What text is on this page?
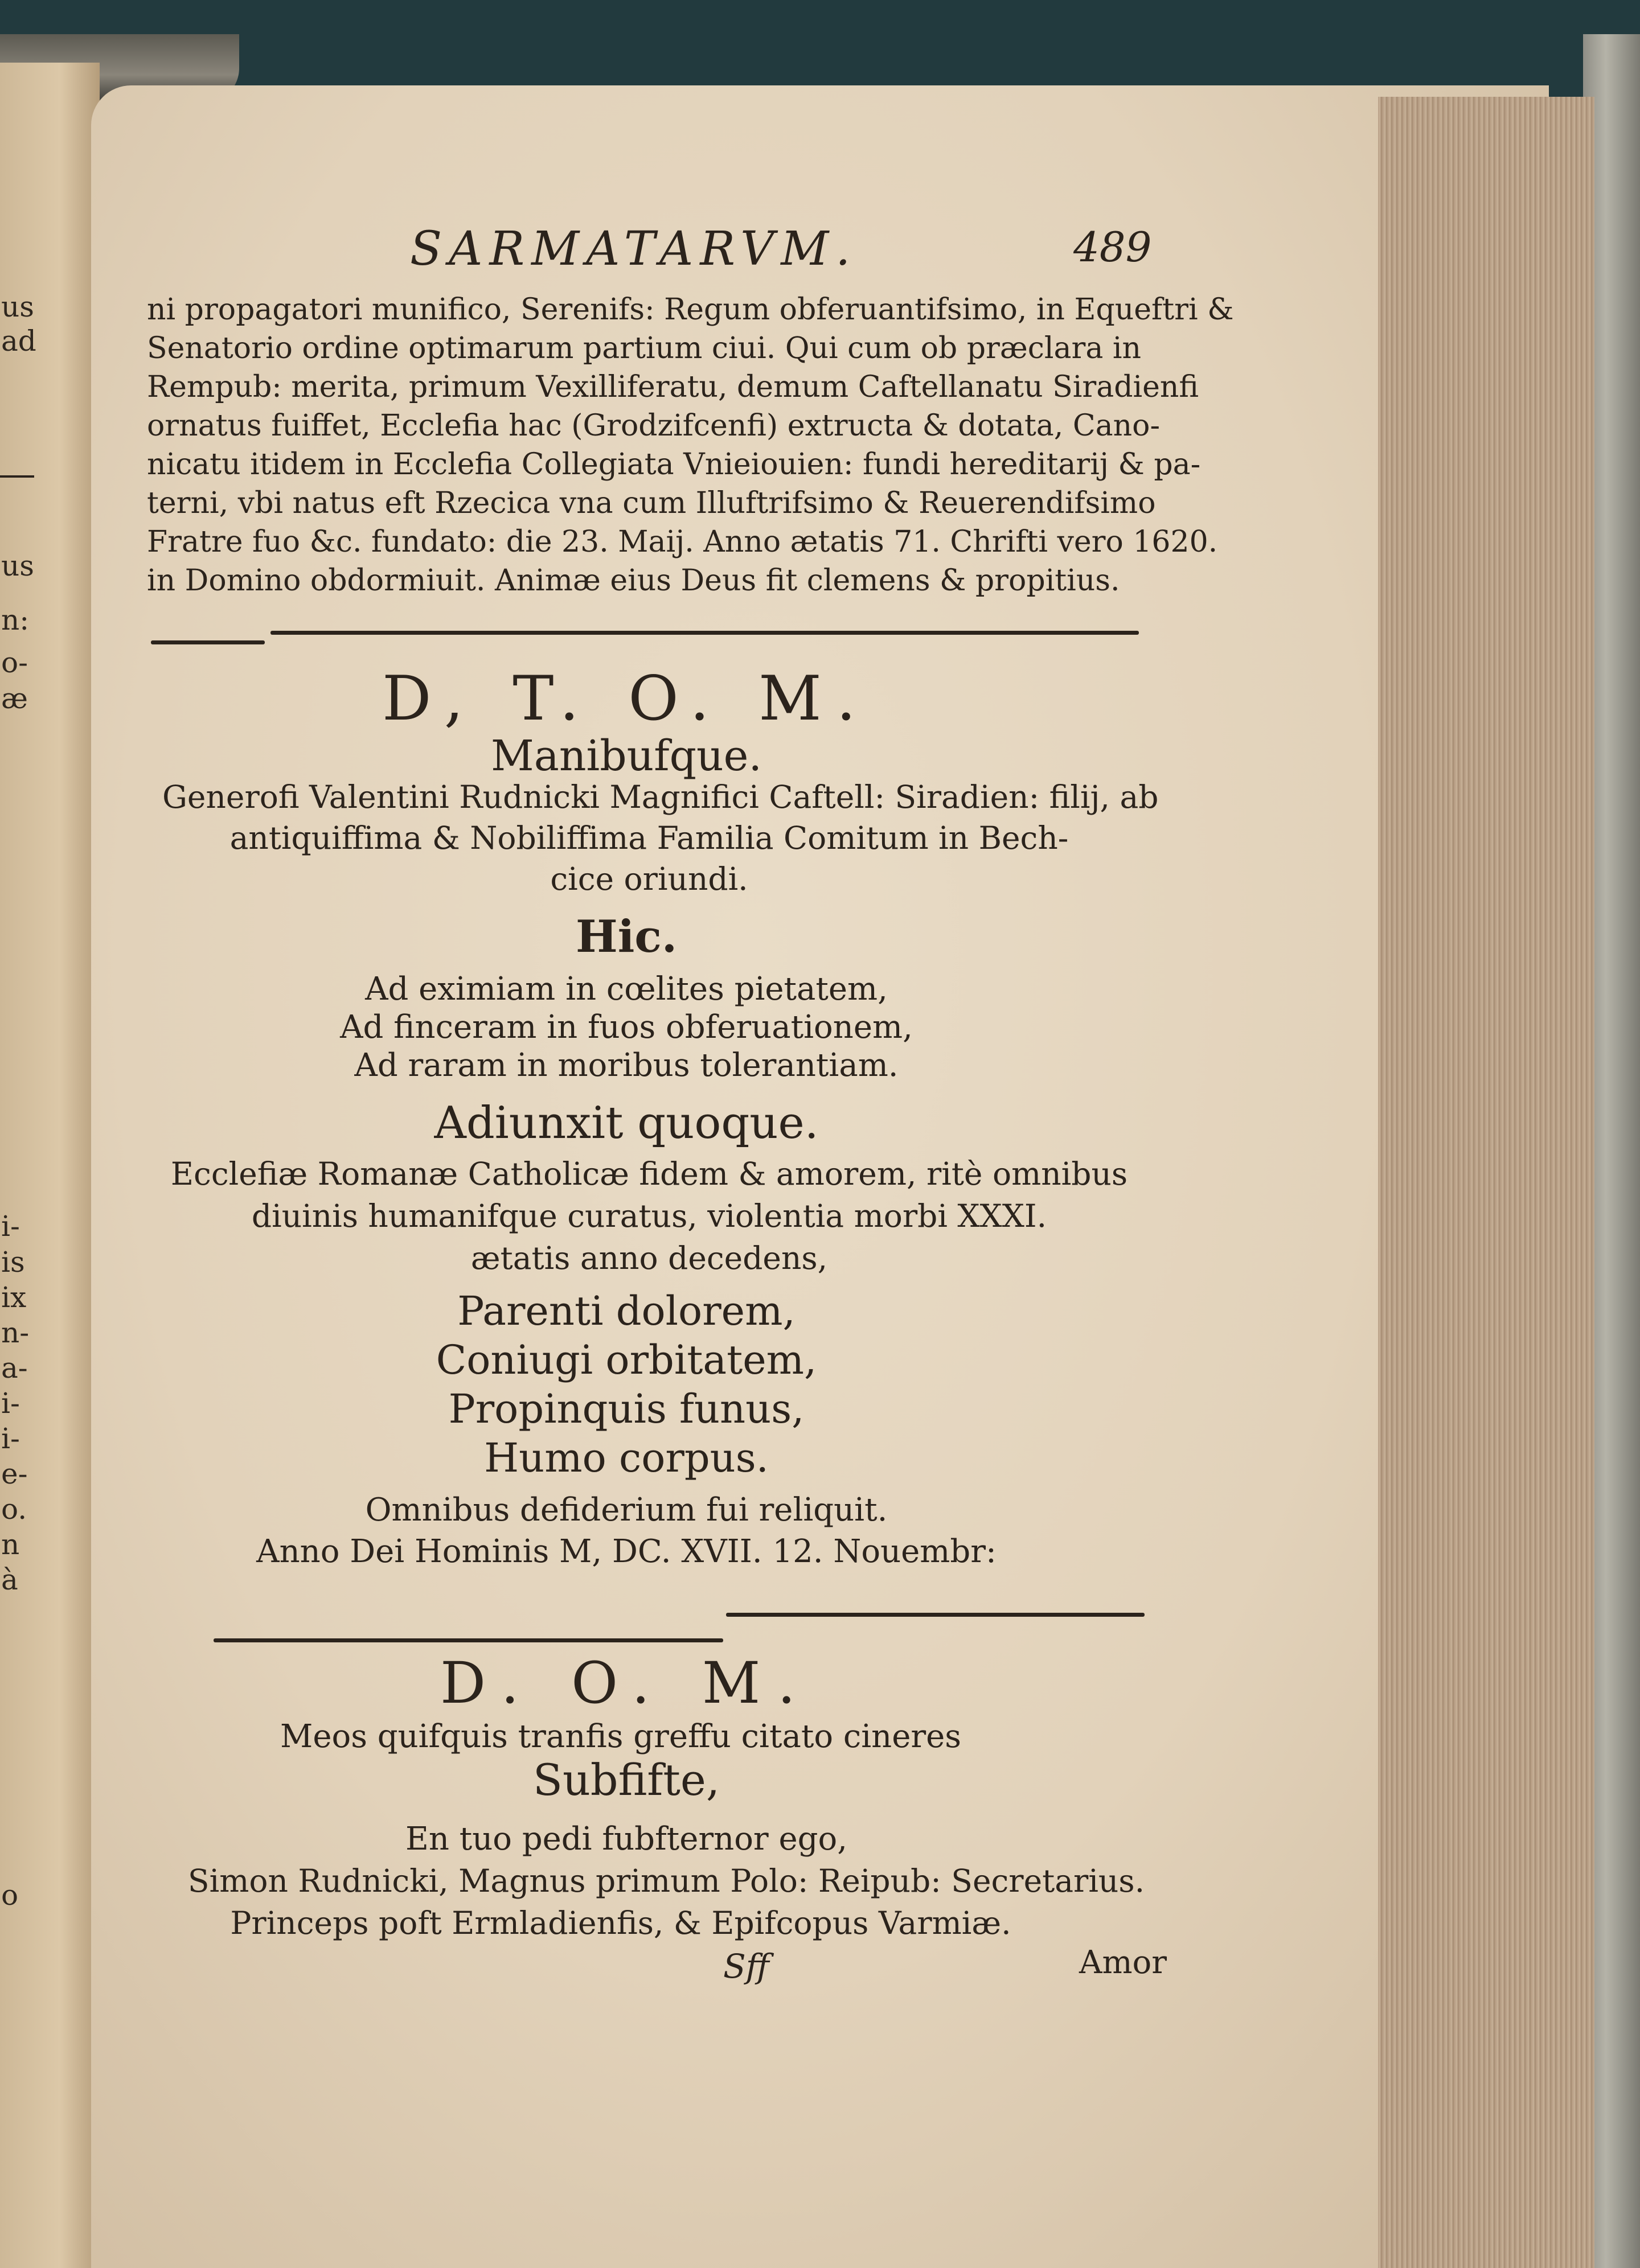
us
ad
us
n:
o-
æ
i-
is
ix
n-
a-
i-
i-
e-
o.
n
à
o
SARMATARVM.	489
ni propagatori munifico, Serenifs: Regum obferuantifsimo, in Equeftri &
Senatorio ordine optimarum partium ciui. Qui cum ob præclara in
Rempub: merita, primum Vexilliferatu, demum Caftellanatu Siradienfi
ornatus fuiffet, Ecclefia hac (Grodzifcenfi) extructa & dotata, Cano-
nicatu itidem in Ecclefia Collegiata Vnieiouien: fundi hereditarij & pa-
terni, vbi natus eft Rzecica vna cum Illuftrifsimo & Reuerendifsimo
Fratre fuo &c. fundato: die 23. Maij. Anno ætatis 71. Chrifti vero 1620.
in Domino obdormiuit. Animæ eius Deus fit clemens & propitius.
D, T. O. M.
Manibufque.
Generofi Valentini Rudnicki Magnifici Caftell: Siradien: filij, ab
antiquiffima & Nobiliffima Familia Comitum in Bech-
cice oriundi.
Hic.
Ad eximiam in cœlites pietatem,
Ad finceram in fuos obferuationem,
Ad raram in moribus tolerantiam.
Adiunxit quoque.
Ecclefiæ Romanæ Catholicæ fidem & amorem, ritè omnibus
diuinis humanifque curatus, violentia morbi XXXI.
ætatis anno decedens,
Parenti dolorem,
Coniugi orbitatem,
Propinquis funus,
Humo corpus.
Omnibus defiderium fui reliquit.
Anno Dei Hominis M, DC. XVII. 12. Nouembr:
D. O. M.
Meos quifquis tranfis greffu citato cineres
Subfifte,
En tuo pedi fubfternor ego,
Simon Rudnicki, Magnus primum Polo: Reipub: Secretarius.
Princeps poft Ermladienfis, & Epifcopus Varmiæ.
Sff	Amor
